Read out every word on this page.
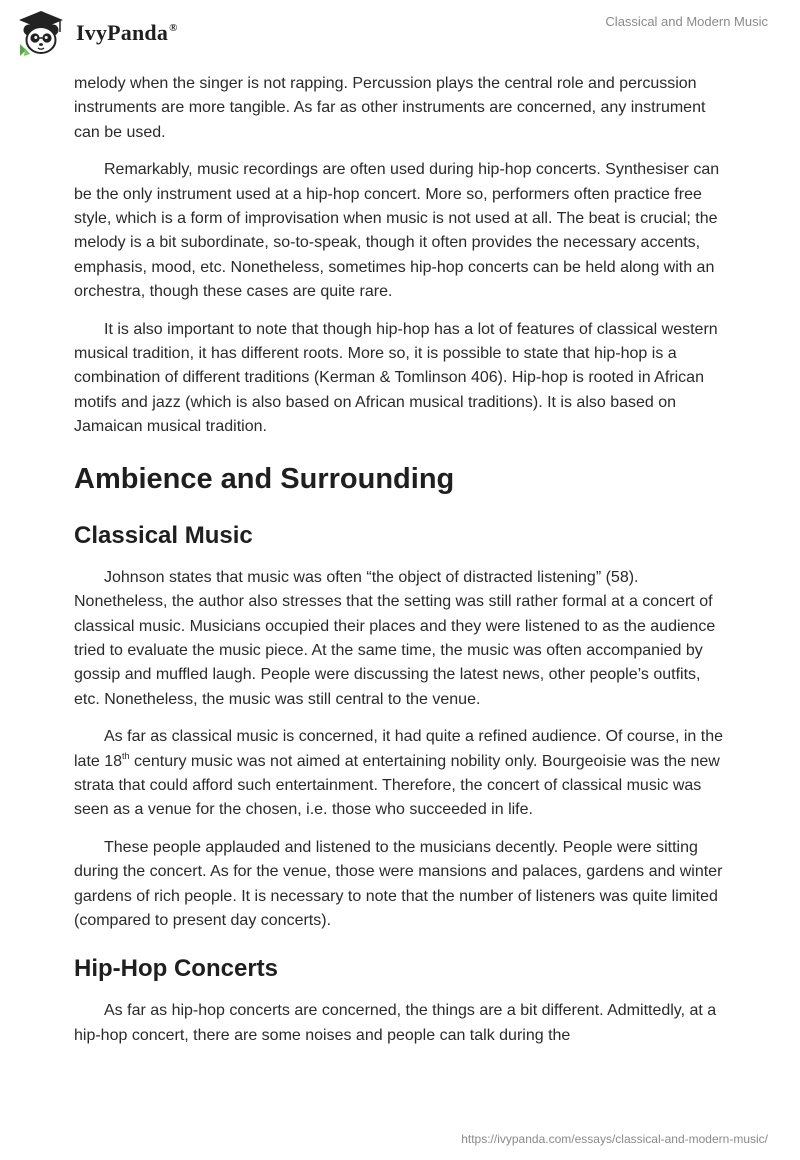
IvyPanda®	Classical and Modern Music

melody when the singer is not rapping. Percussion plays the central role and percussion instruments are more tangible. As far as other instruments are concerned, any instrument can be used.

Remarkably, music recordings are often used during hip-hop concerts. Synthesiser can be the only instrument used at a hip-hop concert. More so, performers often practice free style, which is a form of improvisation when music is not used at all. The beat is crucial; the melody is a bit subordinate, so-to-speak, though it often provides the necessary accents, emphasis, mood, etc. Nonetheless, sometimes hip-hop concerts can be held along with an orchestra, though these cases are quite rare.

It is also important to note that though hip-hop has a lot of features of classical western musical tradition, it has different roots. More so, it is possible to state that hip-hop is a combination of different traditions (Kerman & Tomlinson 406). Hip-hop is rooted in African motifs and jazz (which is also based on African musical traditions). It is also based on Jamaican musical tradition.

Ambience and Surrounding
Classical Music

Johnson states that music was often “the object of distracted listening” (58). Nonetheless, the author also stresses that the setting was still rather formal at a concert of classical music. Musicians occupied their places and they were listened to as the audience tried to evaluate the music piece. At the same time, the music was often accompanied by gossip and muffled laugh. People were discussing the latest news, other people’s outfits, etc. Nonetheless, the music was still central to the venue.

As far as classical music is concerned, it had quite a refined audience. Of course, in the late 18th century music was not aimed at entertaining nobility only. Bourgeoisie was the new strata that could afford such entertainment. Therefore, the concert of classical music was seen as a venue for the chosen, i.e. those who succeeded in life.

These people applauded and listened to the musicians decently. People were sitting during the concert. As for the venue, those were mansions and palaces, gardens and winter gardens of rich people. It is necessary to note that the number of listeners was quite limited (compared to present day concerts).

Hip-Hop Concerts

As far as hip-hop concerts are concerned, the things are a bit different. Admittedly, at a hip-hop concert, there are some noises and people can talk during the

https://ivypanda.com/essays/classical-and-modern-music/
